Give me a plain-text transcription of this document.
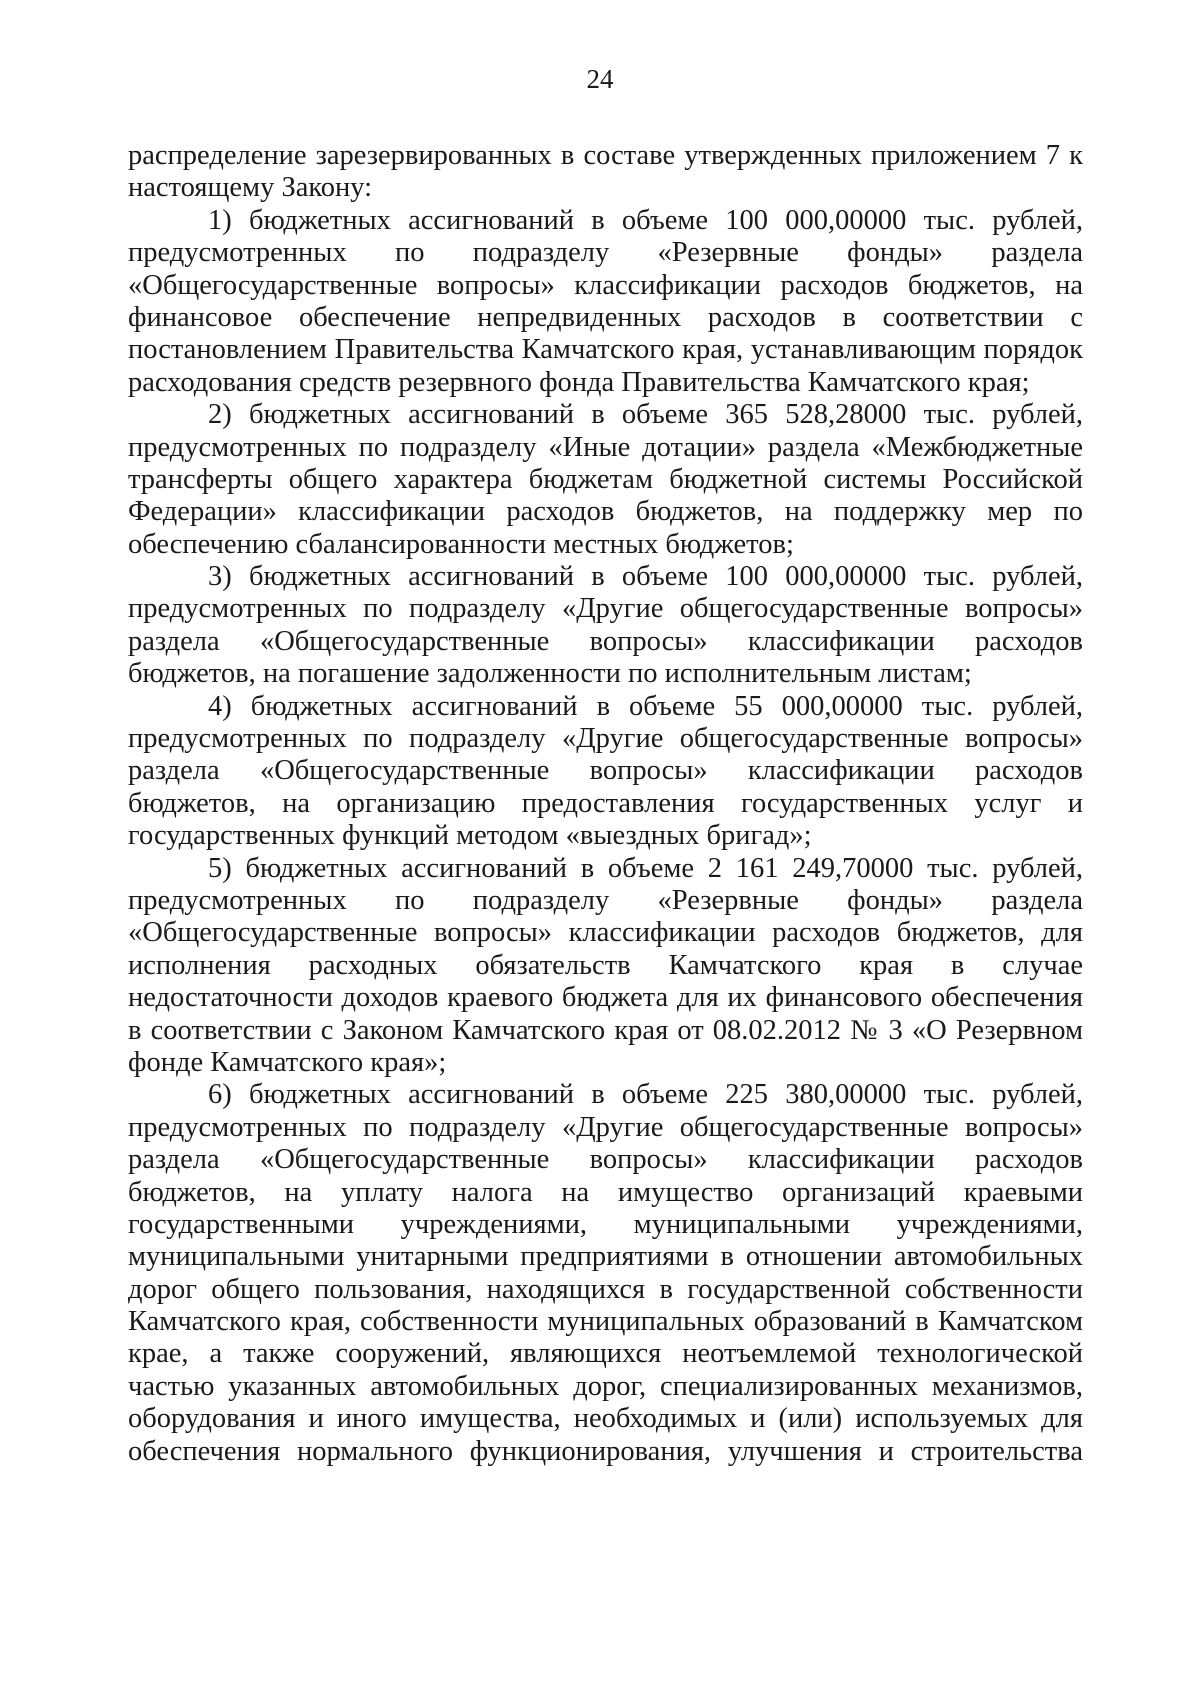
24
распределение зарезервированных в составе утвержденных приложением 7 к
настоящему Закону:
1) бюджетных ассигнований в объеме 100 000,00000 тыс. рублей,
предусмотренных по подразделу «Резервные фонды» раздела
«Общегосударственные вопросы» классификации расходов бюджетов, на
финансовое обеспечение непредвиденных расходов в соответствии с
постановлением Правительства Камчатского края, устанавливающим порядок
расходования средств резервного фонда Правительства Камчатского края;
2) бюджетных ассигнований в объеме 365 528,28000 тыс. рублей,
предусмотренных по подразделу «Иные дотации» раздела «Межбюджетные
трансферты общего характера бюджетам бюджетной системы Российской
Федерации» классификации расходов бюджетов, на поддержку мер по
обеспечению сбалансированности местных бюджетов;
3) бюджетных ассигнований в объеме 100 000,00000 тыс. рублей,
предусмотренных по подразделу «Другие общегосударственные вопросы»
раздела «Общегосударственные вопросы» классификации расходов
бюджетов, на погашение задолженности по исполнительным листам;
4) бюджетных ассигнований в объеме 55 000,00000 тыс. рублей,
предусмотренных по подразделу «Другие общегосударственные вопросы»
раздела «Общегосударственные вопросы» классификации расходов
бюджетов, на организацию предоставления государственных услуг и
государственных функций методом «выездных бригад»;
5) бюджетных ассигнований в объеме 2 161 249,70000 тыс. рублей,
предусмотренных по подразделу «Резервные фонды» раздела
«Общегосударственные вопросы» классификации расходов бюджетов, для
исполнения расходных обязательств Камчатского края в случае
недостаточности доходов краевого бюджета для их финансового обеспечения
в соответствии с Законом Камчатского края от 08.02.2012 № 3 «О Резервном
фонде Камчатского края»;
6) бюджетных ассигнований в объеме 225 380,00000 тыс. рублей,
предусмотренных по подразделу «Другие общегосударственные вопросы»
раздела «Общегосударственные вопросы» классификации расходов
бюджетов, на уплату налога на имущество организаций краевыми
государственными учреждениями, муниципальными учреждениями,
муниципальными унитарными предприятиями в отношении автомобильных
дорог общего пользования, находящихся в государственной собственности
Камчатского края, собственности муниципальных образований в Камчатском
крае, а также сооружений, являющихся неотъемлемой технологической
частью указанных автомобильных дорог, специализированных механизмов,
оборудования и иного имущества, необходимых и (или) используемых для
обеспечения нормального функционирования, улучшения и строительства
